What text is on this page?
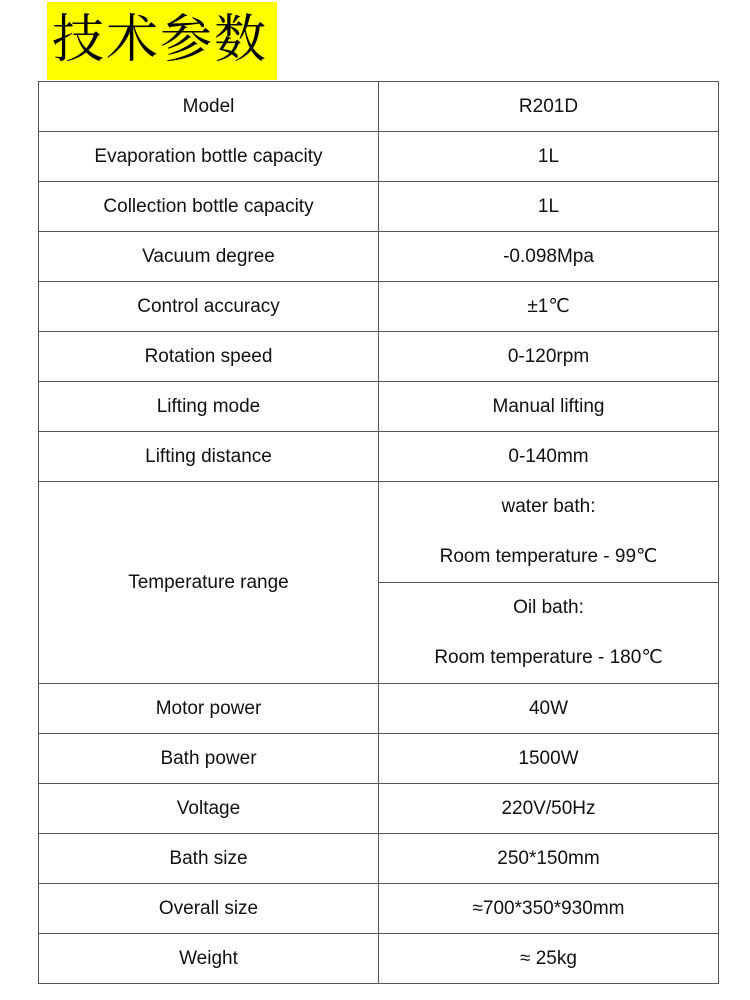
技术参数
Model	R201D
Evaporation bottle capacity	1L
Collection bottle capacity	1L
Vacuum degree	-0.098Mpa
Control accuracy	±1℃
Rotation speed	0-120rpm
Lifting mode	Manual lifting
Lifting distance	0-140mm
Temperature range	water bath:
Room temperature - 99℃

	Oil bath:
Room temperature - 180℃

Motor power	40W
Bath power	1500W
Voltage	220V/50Hz
Bath size	250*150mm
Overall size	≈700*350*930mm
Weight	≈ 25kg
